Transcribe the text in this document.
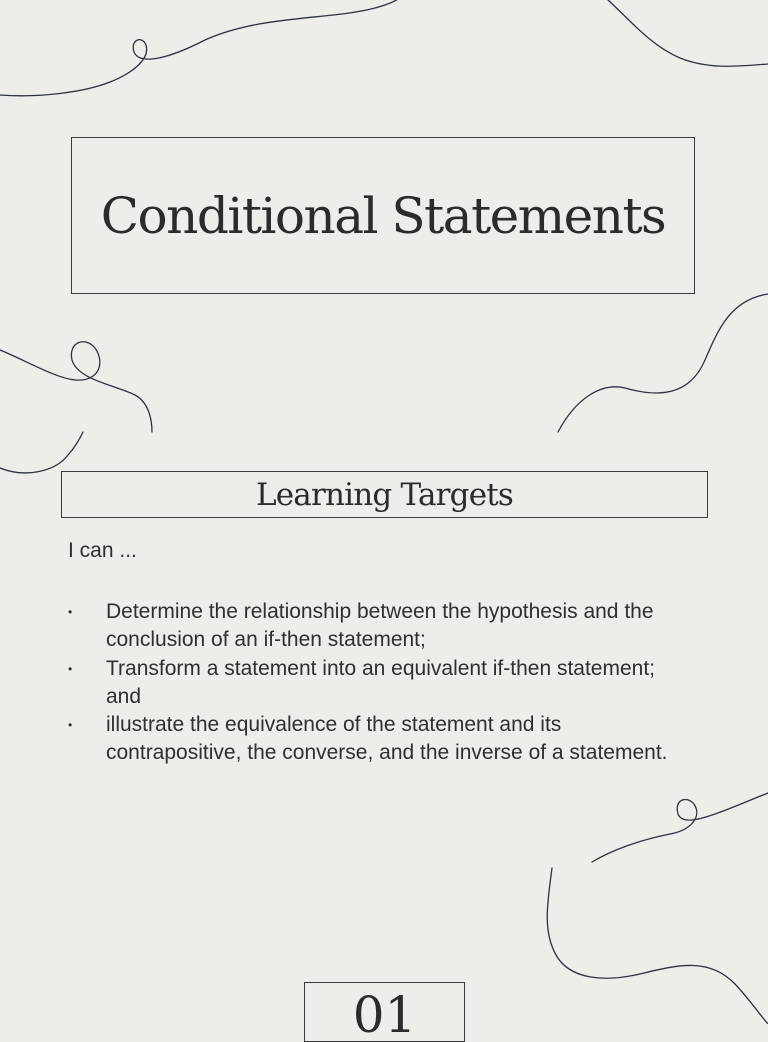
Conditional Statements
Learning Targets

I can ...

• Determine the relationship between the hypothesis and the conclusion of an if-then statement;
• Transform a statement into an equivalent if-then statement; and
• illustrate the equivalence of the statement and its contrapositive, the converse, and the inverse of a statement.
01
